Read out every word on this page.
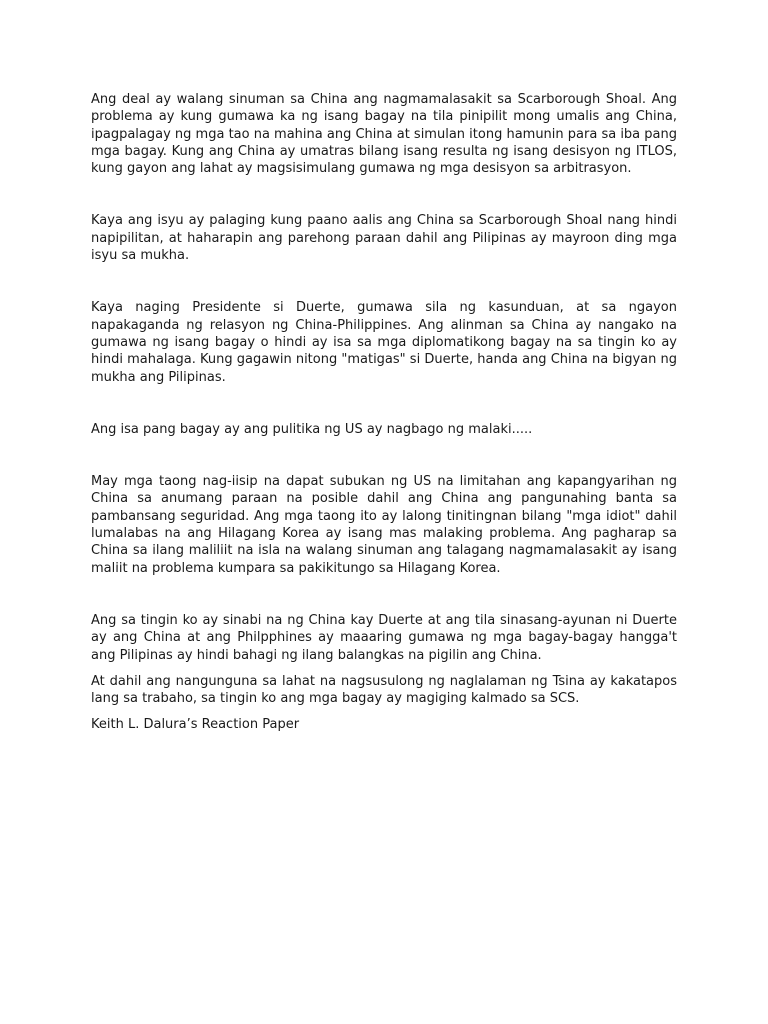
Ang deal ay walang sinuman sa China ang nagmamalasakit sa Scarborough Shoal. Ang problema ay kung gumawa ka ng isang bagay na tila pinipilit mong umalis ang China, ipagpalagay ng mga tao na mahina ang China at simulan itong hamunin para sa iba pang mga bagay. Kung ang China ay umatras bilang isang resulta ng isang desisyon ng ITLOS, kung gayon ang lahat ay magsisimulang gumawa ng mga desisyon sa arbitrasyon.

Kaya ang isyu ay palaging kung paano aalis ang China sa Scarborough Shoal nang hindi napipilitan, at haharapin ang parehong paraan dahil ang Pilipinas ay mayroon ding mga isyu sa mukha.

Kaya naging Presidente si Duerte, gumawa sila ng kasunduan, at sa ngayon napakaganda ng relasyon ng China-Philippines. Ang alinman sa China ay nangako na gumawa ng isang bagay o hindi ay isa sa mga diplomatikong bagay na sa tingin ko ay hindi mahalaga. Kung gagawin nitong "matigas" si Duerte, handa ang China na bigyan ng mukha ang Pilipinas.

Ang isa pang bagay ay ang pulitika ng US ay nagbago ng malaki.....

May mga taong nag-iisip na dapat subukan ng US na limitahan ang kapangyarihan ng China sa anumang paraan na posible dahil ang China ang pangunahing banta sa pambansang seguridad. Ang mga taong ito ay lalong tinitingnan bilang "mga idiot" dahil lumalabas na ang Hilagang Korea ay isang mas malaking problema. Ang pagharap sa China sa ilang maliliit na isla na walang sinuman ang talagang nagmamalasakit ay isang maliit na problema kumpara sa pakikitungo sa Hilagang Korea.

Ang sa tingin ko ay sinabi na ng China kay Duerte at ang tila sinasang-ayunan ni Duerte ay ang China at ang Philpphines ay maaaring gumawa ng mga bagay-bagay hangga't ang Pilipinas ay hindi bahagi ng ilang balangkas na pigilin ang China.

At dahil ang nangunguna sa lahat na nagsusulong ng naglalaman ng Tsina ay kakatapos lang sa trabaho, sa tingin ko ang mga bagay ay magiging kalmado sa SCS.

Keith L. Dalura’s Reaction Paper
